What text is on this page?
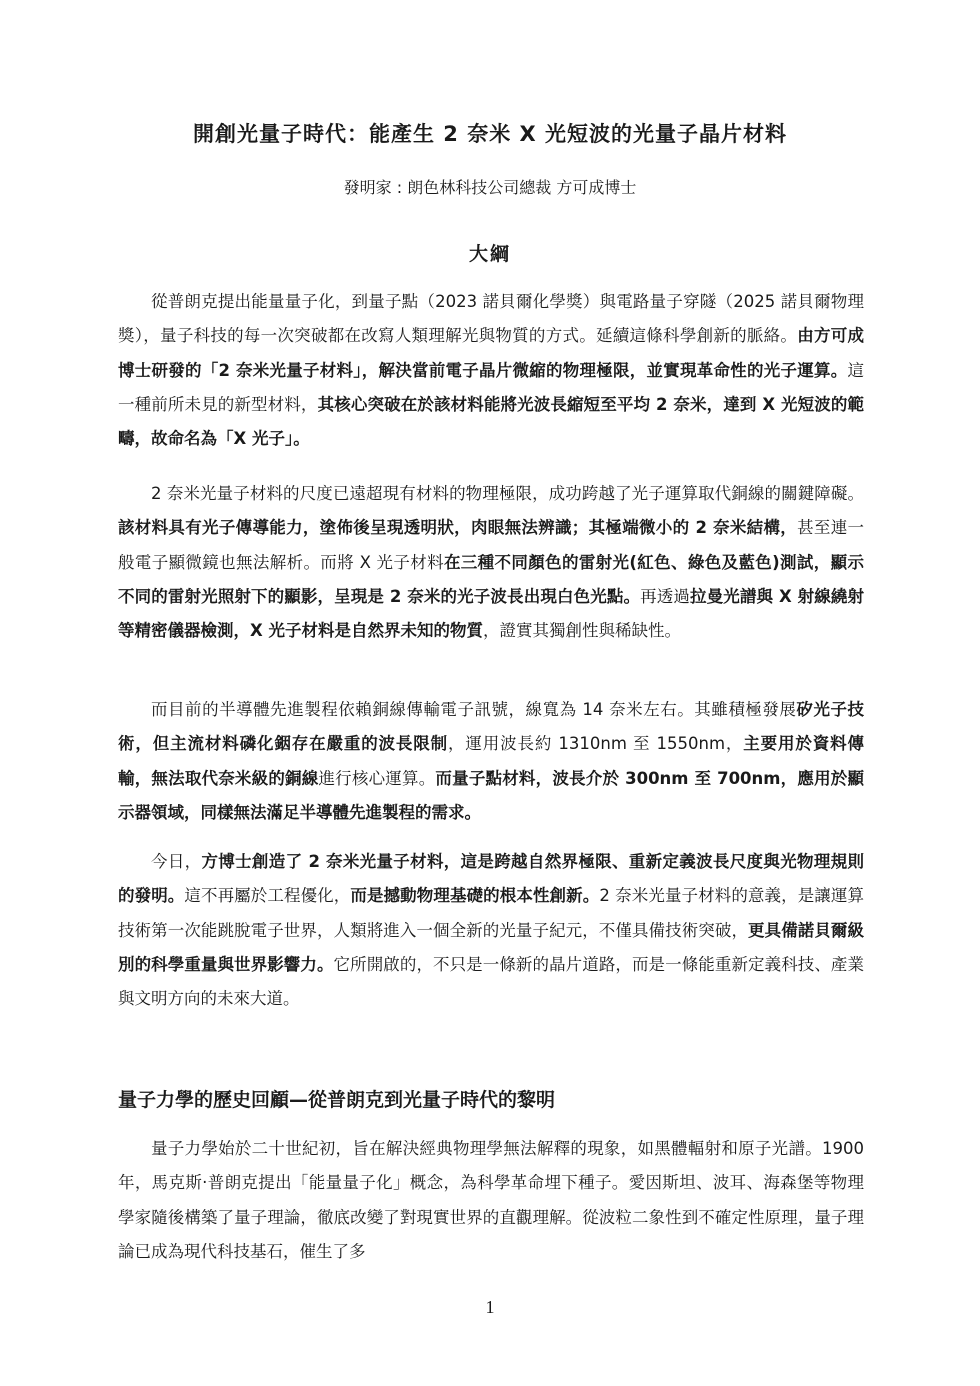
開創光量子時代：能產生 2 奈米 X 光短波的光量子晶片材料
發明家 : 朗色林科技公司總裁 方可成博士
大綱

從普朗克提出能量量子化，到量子點（2023 諾貝爾化學獎）與電路量子穿隧（2025 諾貝爾物理獎），量子科技的每一次突破都在改寫人類理解光與物質的方式。延續這條科學創新的脈絡。由方可成博士研發的「2 奈米光量子材料」，解決當前電子晶片微縮的物理極限，並實現革命性的光子運算。這一種前所未見的新型材料，其核心突破在於該材料能將光波長縮短至平均 2 奈米，達到 X 光短波的範疇，故命名為「X 光子」。

2 奈米光量子材料的尺度已遠超現有材料的物理極限，成功跨越了光子運算取代銅線的關鍵障礙。該材料具有光子傳導能力，塗佈後呈現透明狀，肉眼無法辨識；其極端微小的 2 奈米結構，甚至連一般電子顯微鏡也無法解析。而將 X 光子材料在三種不同顏色的雷射光(紅色、綠色及藍色)測試，顯示不同的雷射光照射下的顯影，呈現是 2 奈米的光子波長出現白色光點。再透過拉曼光譜與 X 射線繞射等精密儀器檢測，X 光子材料是自然界未知的物質，證實其獨創性與稀缺性。

而目前的半導體先進製程依賴銅線傳輸電子訊號，線寬為 14 奈米左右。其雖積極發展矽光子技術，但主流材料磷化銦存在嚴重的波長限制，運用波長約 1310nm 至 1550nm，主要用於資料傳輸，無法取代奈米級的銅線進行核心運算。而量子點材料，波長介於 300nm 至 700nm，應用於顯示器領域，同樣無法滿足半導體先進製程的需求。

今日，方博士創造了 2 奈米光量子材料，這是跨越自然界極限、重新定義波長尺度與光物理規則的發明。這不再屬於工程優化，而是撼動物理基礎的根本性創新。2 奈米光量子材料的意義，是讓運算技術第一次能跳脫電子世界，人類將進入一個全新的光量子紀元，不僅具備技術突破，更具備諾貝爾級別的科學重量與世界影響力。它所開啟的，不只是一條新的晶片道路，而是一條能重新定義科技、產業與文明方向的未來大道。

量子力學的歷史回顧—從普朗克到光量子時代的黎明

量子力學始於二十世紀初，旨在解決經典物理學無法解釋的現象，如黑體輻射和原子光譜。1900 年，馬克斯·普朗克提出「能量量子化」概念，為科學革命埋下種子。愛因斯坦、波耳、海森堡等物理學家隨後構築了量子理論，徹底改變了對現實世界的直觀理解。從波粒二象性到不確定性原理，量子理論已成為現代科技基石，催生了多

1
